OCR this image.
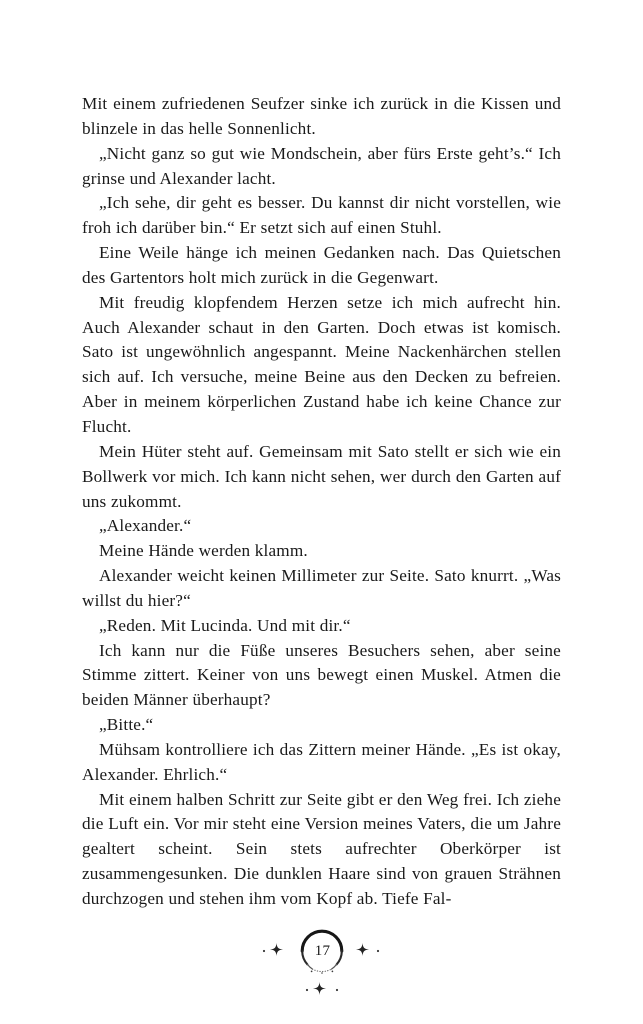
Mit einem zufriedenen Seufzer sinke ich zurück in die Kissen und blinzele in das helle Sonnenlicht.

„Nicht ganz so gut wie Mondschein, aber fürs Erste geht’s.“ Ich grinse und Alexander lacht.

„Ich sehe, dir geht es besser. Du kannst dir nicht vorstellen, wie froh ich darüber bin.“ Er setzt sich auf einen Stuhl.

Eine Weile hänge ich meinen Gedanken nach. Das Quietschen des Gartentors holt mich zurück in die Gegenwart.

Mit freudig klopfendem Herzen setze ich mich aufrecht hin. Auch Alexander schaut in den Garten. Doch etwas ist komisch. Sato ist ungewöhnlich angespannt. Meine Nackenhärchen stellen sich auf. Ich versuche, meine Beine aus den Decken zu befreien. Aber in meinem körperlichen Zustand habe ich keine Chance zur Flucht.

Mein Hüter steht auf. Gemeinsam mit Sato stellt er sich wie ein Bollwerk vor mich. Ich kann nicht sehen, wer durch den Garten auf uns zukommt.

„Alexander.“

Meine Hände werden klamm.

Alexander weicht keinen Millimeter zur Seite. Sato knurrt. „Was willst du hier?“

„Reden. Mit Lucinda. Und mit dir.“

Ich kann nur die Füße unseres Besuchers sehen, aber seine Stimme zittert. Keiner von uns bewegt einen Muskel. Atmen die beiden Männer überhaupt?

„Bitte.“

Mühsam kontrolliere ich das Zittern meiner Hände. „Es ist okay, Alexander. Ehrlich.“

Mit einem halben Schritt zur Seite gibt er den Weg frei. Ich ziehe die Luft ein. Vor mir steht eine Version meines Vaters, die um Jahre gealtert scheint. Sein stets aufrechter Oberkörper ist zusammengesunken. Die dunklen Haare sind von grauen Strähnen durchzogen und stehen ihm vom Kopf ab. Tiefe Fal-

17
